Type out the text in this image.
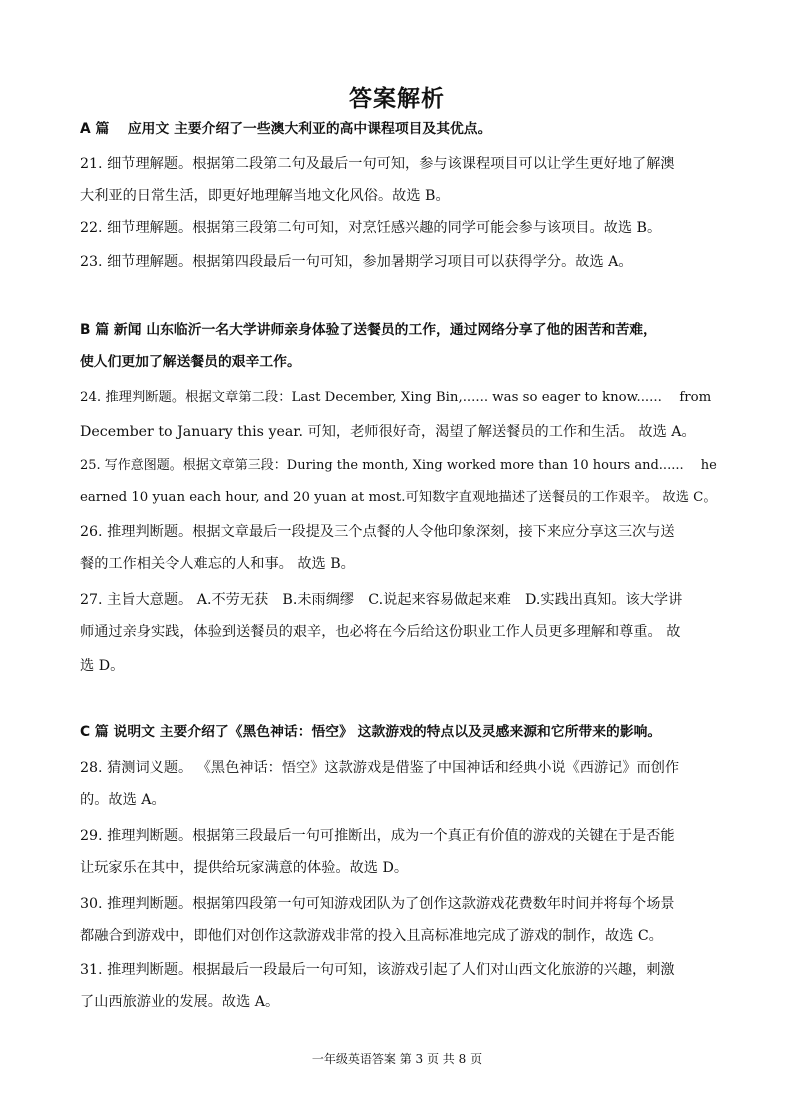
答案解析
A 篇　 应用文 主要介绍了一些澳大利亚的高中课程项目及其优点。
21. 细节理解题。根据第二段第二句及最后一句可知，参与该课程项目可以让学生更好地了解澳
大利亚的日常生活，即更好地理解当地文化风俗。故选 B。
22. 细节理解题。根据第三段第二句可知，对烹饪感兴趣的同学可能会参与该项目。故选 B。
23. 细节理解题。根据第四段最后一句可知，参加暑期学习项目可以获得学分。故选 A。
B 篇 新闻 山东临沂一名大学讲师亲身体验了送餐员的工作，通过网络分享了他的困苦和苦难，
使人们更加了解送餐员的艰辛工作。
24. 推理判断题。根据文章第二段：Last December, Xing Bin,...... was so eager to know......　 from
December to January this year. 可知，老师很好奇，渴望了解送餐员的工作和生活。 故选 A。
25. 写作意图题。根据文章第三段：During the month, Xing worked more than 10 hours and......　 he
earned 10 yuan each hour, and 20 yuan at most.可知数字直观地描述了送餐员的工作艰辛。 故选 C。
26. 推理判断题。根据文章最后一段提及三个点餐的人令他印象深刻，接下来应分享这三次与送
餐的工作相关令人难忘的人和事。 故选 B。
27. 主旨大意题。 A.不劳无获　B.未雨绸缪　C.说起来容易做起来难　D.实践出真知。该大学讲
师通过亲身实践，体验到送餐员的艰辛，也必将在今后给这份职业工作人员更多理解和尊重。 故
选 D。
C 篇 说明文 主要介绍了《黑色神话：悟空》 这款游戏的特点以及灵感来源和它所带来的影响。
28. 猜测词义题。 《黑色神话：悟空》这款游戏是借鉴了中国神话和经典小说《西游记》而创作
的。故选 A。
29. 推理判断题。根据第三段最后一句可推断出，成为一个真正有价值的游戏的关键在于是否能
让玩家乐在其中，提供给玩家满意的体验。故选 D。
30. 推理判断题。根据第四段第一句可知游戏团队为了创作这款游戏花费数年时间并将每个场景
都融合到游戏中，即他们对创作这款游戏非常的投入且高标准地完成了游戏的制作，故选 C。
31. 推理判断题。根据最后一段最后一句可知，该游戏引起了人们对山西文化旅游的兴趣，刺激
了山西旅游业的发展。故选 A。
一年级英语答案 第 3 页 共 8 页
